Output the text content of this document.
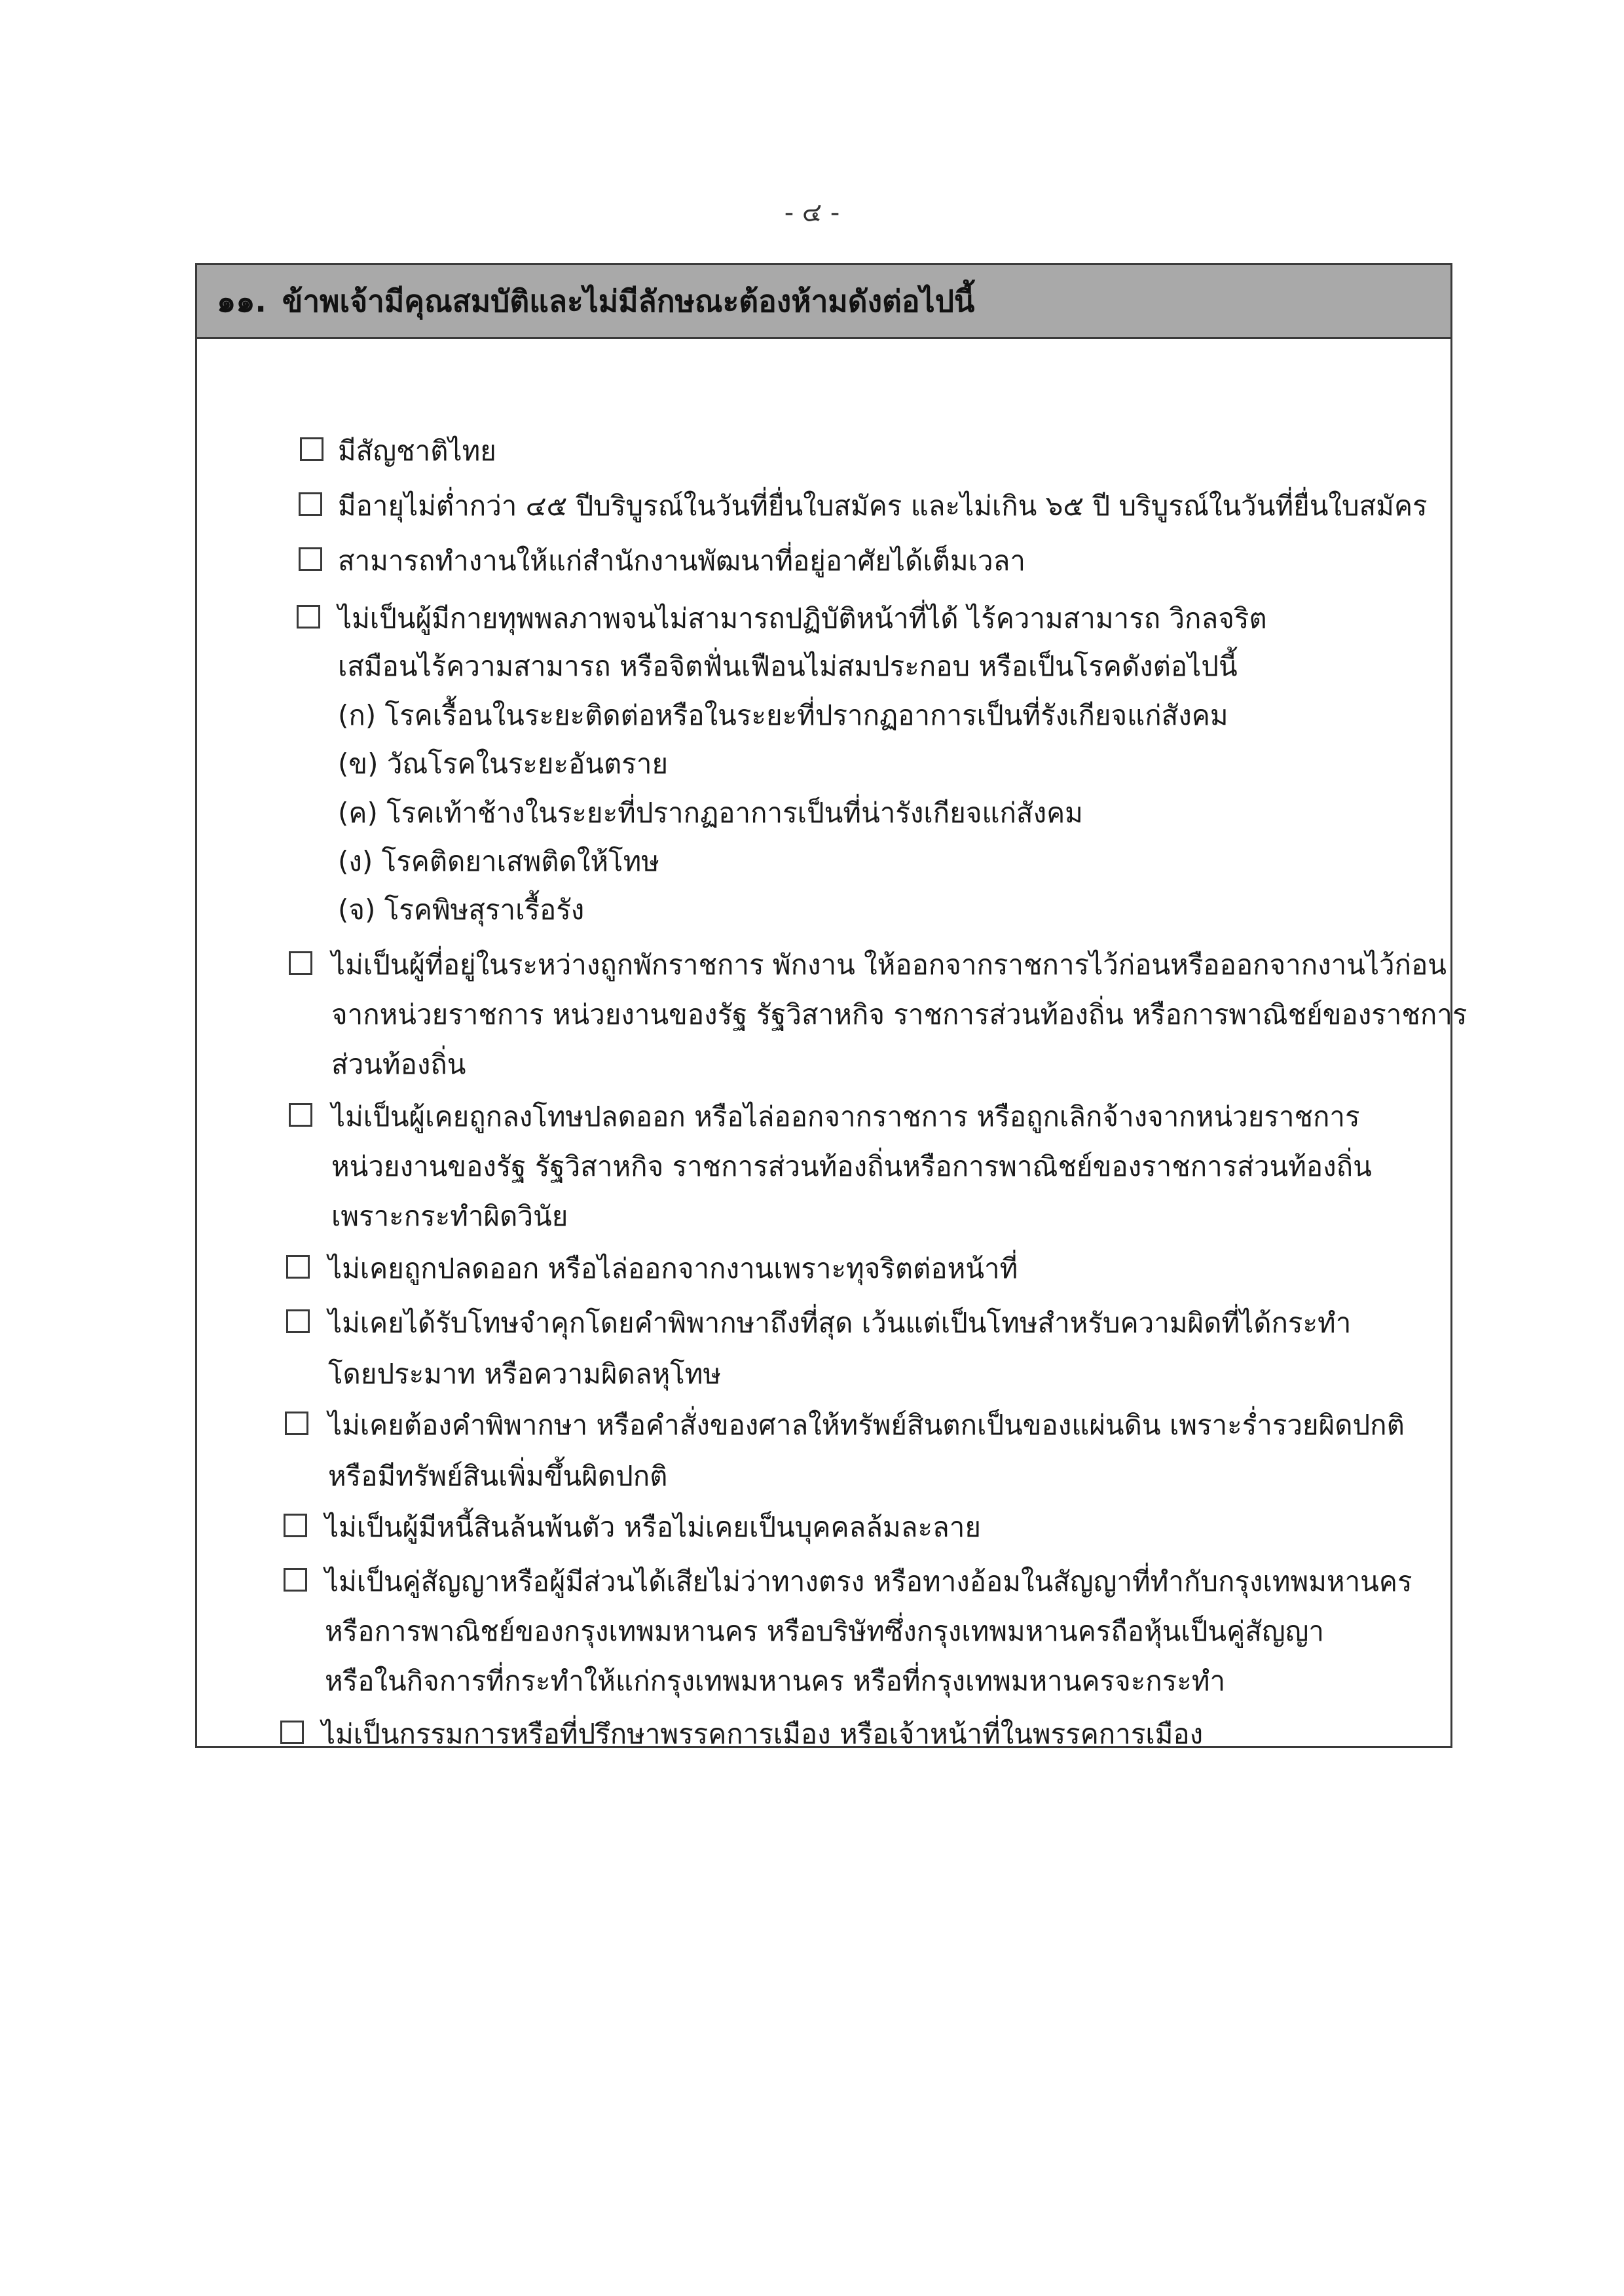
- ๔ -
๑๑. ข้าพเจ้ามีคุณสมบัติและไม่มีลักษณะต้องห้ามดังต่อไปนี้
มีสัญชาติไทย
มีอายุไม่ต่ำกว่า ๔๕ ปีบริบูรณ์ในวันที่ยื่นใบสมัคร และไม่เกิน ๖๕ ปี บริบูรณ์ในวันที่ยื่นใบสมัคร
สามารถทำงานให้แก่สำนักงานพัฒนาที่อยู่อาศัยได้เต็มเวลา
ไม่เป็นผู้มีกายทุพพลภาพจนไม่สามารถปฏิบัติหน้าที่ได้ ไร้ความสามารถ วิกลจริต
เสมือนไร้ความสามารถ หรือจิตฟั่นเฟือนไม่สมประกอบ หรือเป็นโรคดังต่อไปนี้
(ก) โรคเรื้อนในระยะติดต่อหรือในระยะที่ปรากฏอาการเป็นที่รังเกียจแก่สังคม
(ข) วัณโรคในระยะอันตราย
(ค) โรคเท้าช้างในระยะที่ปรากฏอาการเป็นที่น่ารังเกียจแก่สังคม
(ง) โรคติดยาเสพติดให้โทษ
(จ) โรคพิษสุราเรื้อรัง
ไม่เป็นผู้ที่อยู่ในระหว่างถูกพักราชการ พักงาน ให้ออกจากราชการไว้ก่อนหรือออกจากงานไว้ก่อน
จากหน่วยราชการ หน่วยงานของรัฐ รัฐวิสาหกิจ ราชการส่วนท้องถิ่น หรือการพาณิชย์ของราชการ
ส่วนท้องถิ่น
ไม่เป็นผู้เคยถูกลงโทษปลดออก หรือไล่ออกจากราชการ หรือถูกเลิกจ้างจากหน่วยราชการ
หน่วยงานของรัฐ รัฐวิสาหกิจ ราชการส่วนท้องถิ่นหรือการพาณิชย์ของราชการส่วนท้องถิ่น
เพราะกระทำผิดวินัย
ไม่เคยถูกปลดออก หรือไล่ออกจากงานเพราะทุจริตต่อหน้าที่
ไม่เคยได้รับโทษจำคุกโดยคำพิพากษาถึงที่สุด เว้นแต่เป็นโทษสำหรับความผิดที่ได้กระทำ
โดยประมาท หรือความผิดลหุโทษ
ไม่เคยต้องคำพิพากษา หรือคำสั่งของศาลให้ทรัพย์สินตกเป็นของแผ่นดิน เพราะร่ำรวยผิดปกติ
หรือมีทรัพย์สินเพิ่มขึ้นผิดปกติ
ไม่เป็นผู้มีหนี้สินล้นพ้นตัว หรือไม่เคยเป็นบุคคลล้มละลาย
ไม่เป็นคู่สัญญาหรือผู้มีส่วนได้เสียไม่ว่าทางตรง หรือทางอ้อมในสัญญาที่ทำกับกรุงเทพมหานคร
หรือการพาณิชย์ของกรุงเทพมหานคร หรือบริษัทซึ่งกรุงเทพมหานครถือหุ้นเป็นคู่สัญญา
หรือในกิจการที่กระทำให้แก่กรุงเทพมหานคร หรือที่กรุงเทพมหานครจะกระทำ
ไม่เป็นกรรมการหรือที่ปรึกษาพรรคการเมือง หรือเจ้าหน้าที่ในพรรคการเมือง
